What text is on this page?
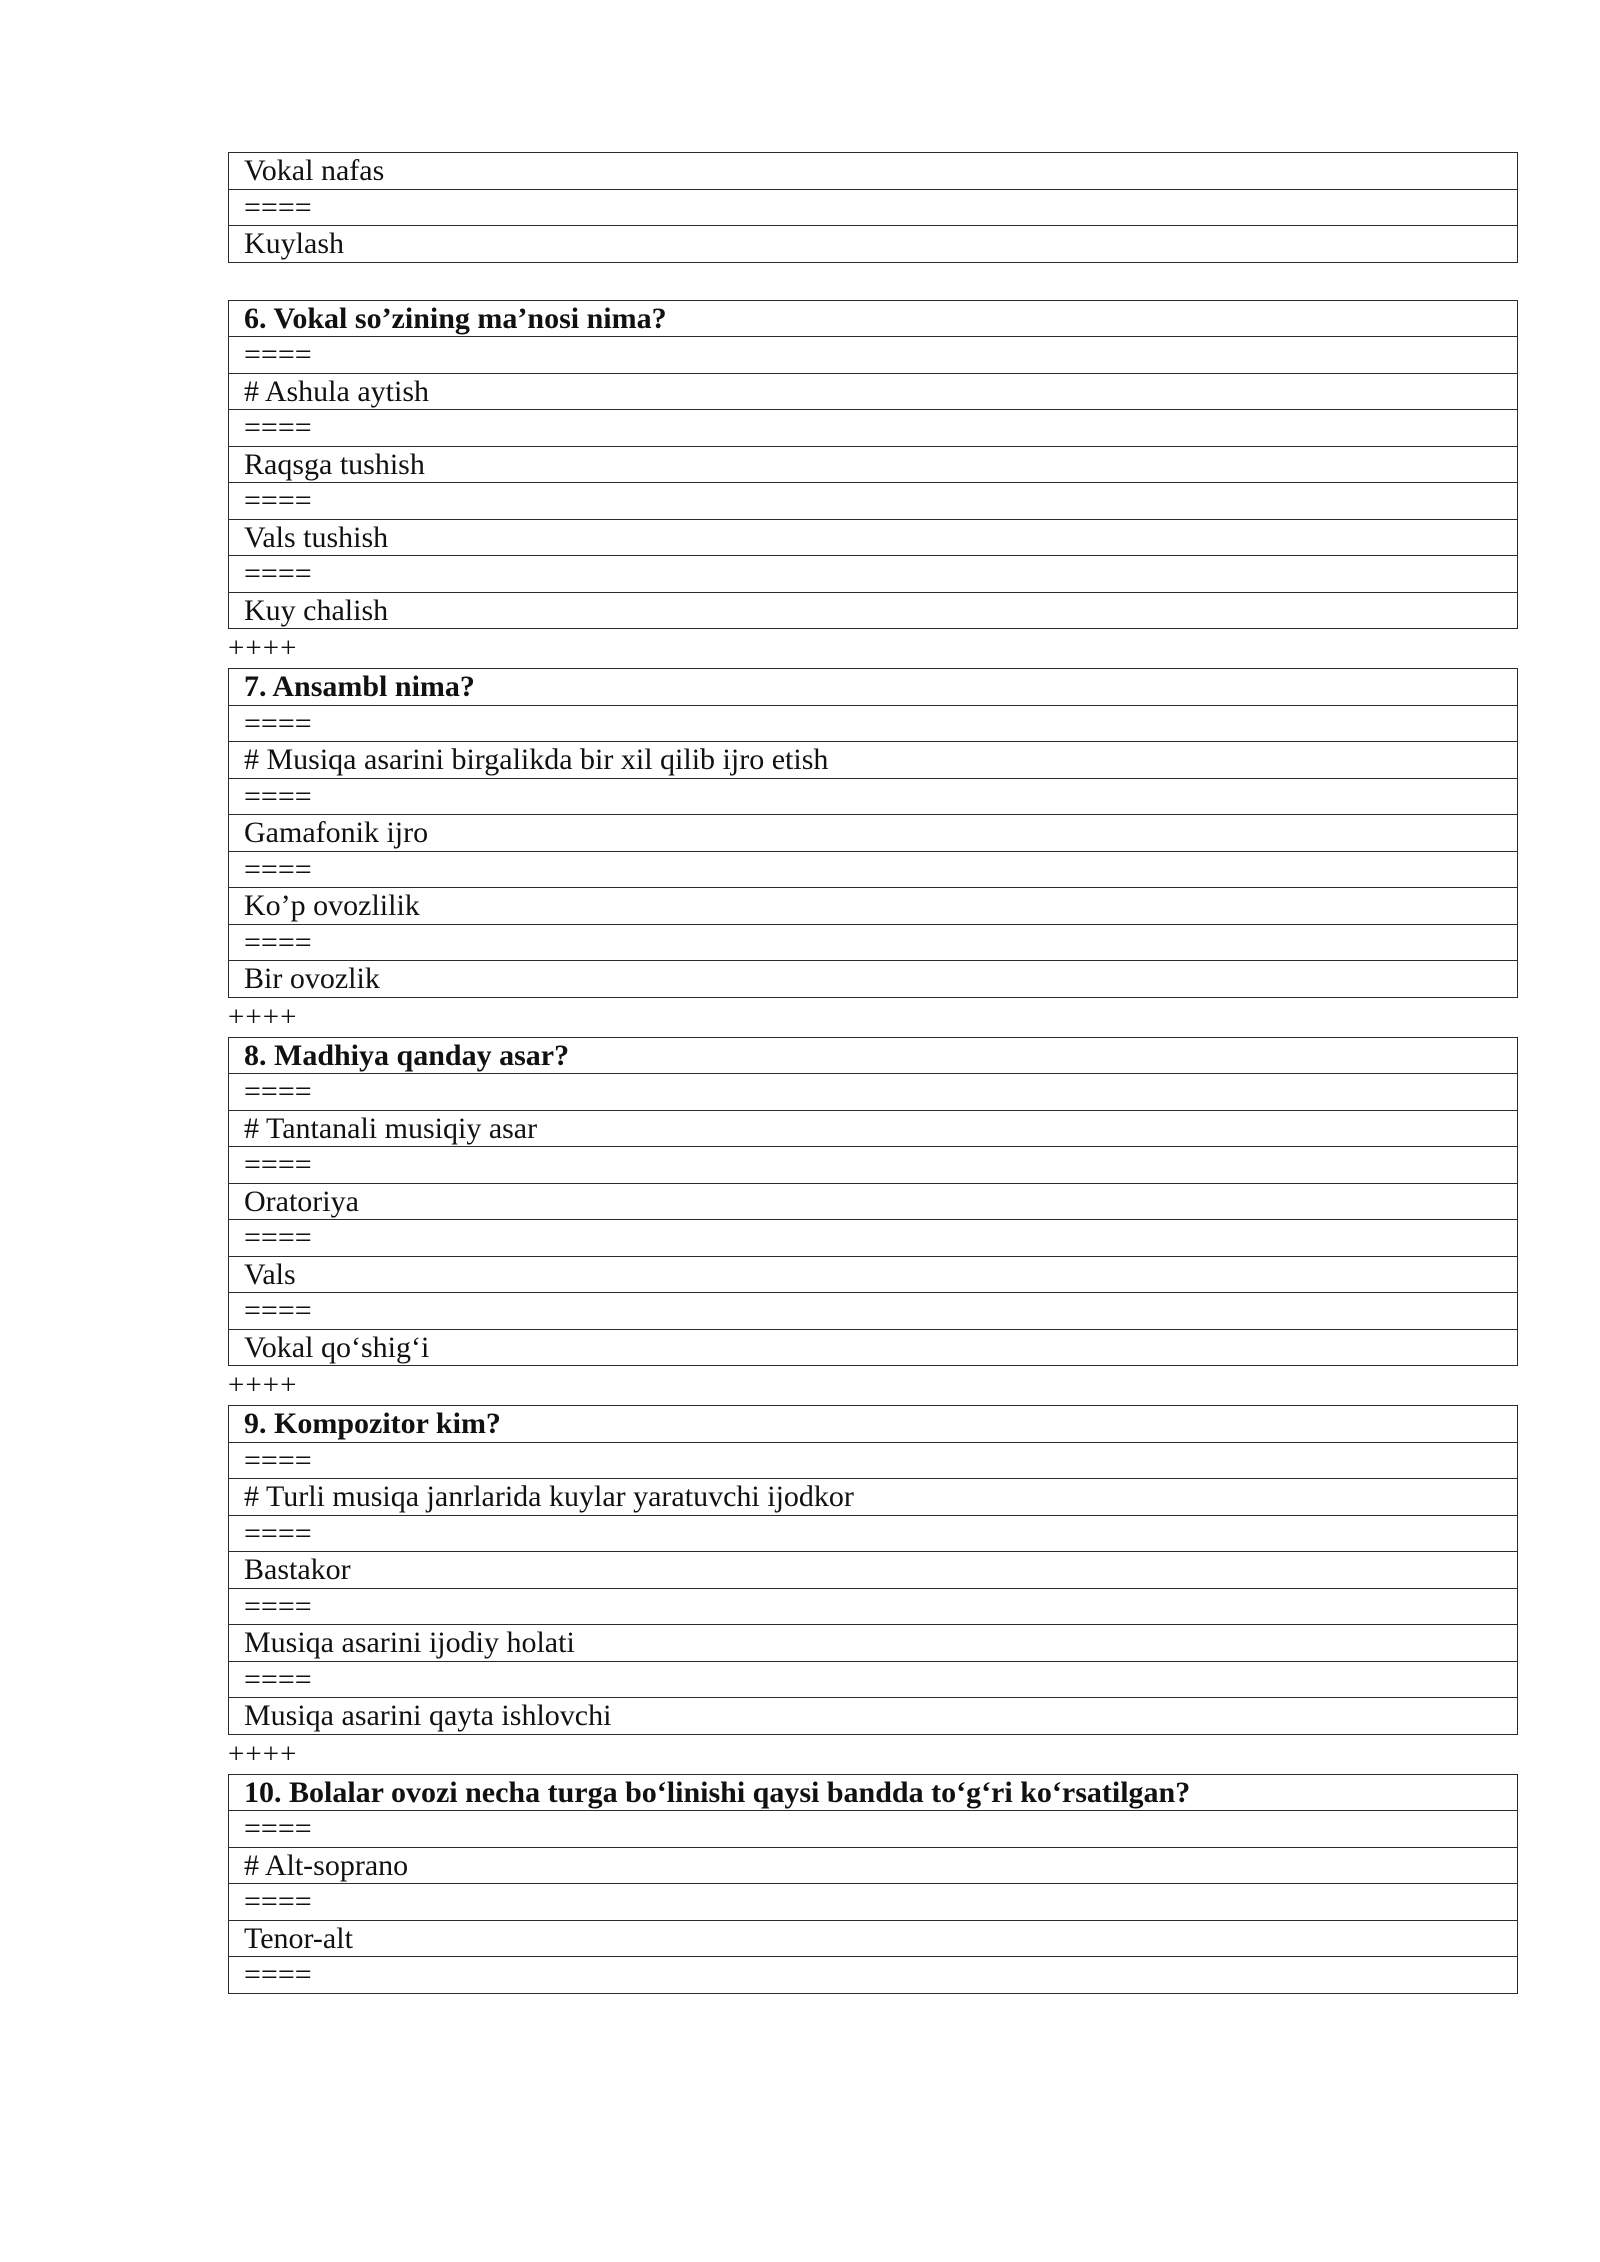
Vokal nafas
====
Kuylash
6. Vokal so’zining ma’nosi nima?
====
# Ashula aytish
====
Raqsga tushish
====
Vals tushish
====
Kuy chalish
++++
7. Ansambl nima?
====
# Musiqa asarini birgalikda bir xil qilib ijro etish
====
Gamafonik ijro
====
Ko’p ovozlilik
====
Bir ovozlik
++++
8. Madhiya qanday asar?
====
# Tantanali musiqiy asar
====
Oratoriya
====
Vals
====
Vokal qo‘shig‘i
++++
9. Kompozitor kim?
====
# Turli musiqa janrlarida kuylar yaratuvchi ijodkor
====
Bastakor
====
Musiqa asarini ijodiy holati
====
Musiqa asarini qayta ishlovchi
++++
10. Bolalar ovozi necha turga bo‘linishi qaysi bandda to‘g‘ri ko‘rsatilgan?
====
# Alt-soprano
====
Tenor-alt
====
